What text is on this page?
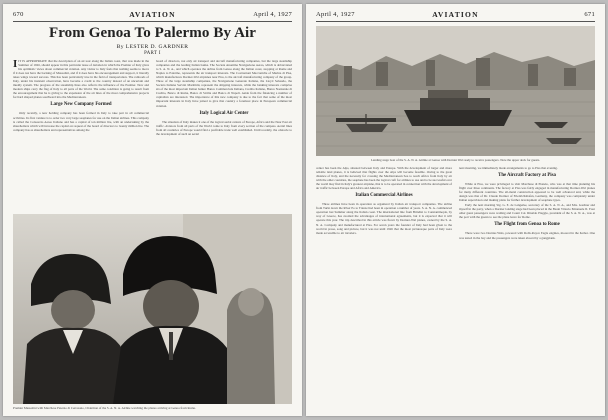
670	AVIATION	April 4, 1927
From Genoa To Palermo By Air
By LESTER D. GARDNER
PART I

IIT IS APPROPRIATE that the description of an air tour along the Italian coast, that was made in the Summer of 1926, should appear in this particular issue of Aviation in which the Premier of Italy gives his optimistic views about commercial aviation. Any visitor to Italy feels that nothing seems to move if it does not have the backing of Mussolini, and if it does have his encouragement and support, it literally takes wings toward success. This has been particularly true in the field of transportation. The railroads of Italy, under his insistent observation, have become a credit to the country instead of an uncertain and muddy system. The progress of the steamship lines also reflects the influence of the Premier. New and modern ships carry the flag of Italy to all parts of the World. The same condition is going to result from the encouragement that he is giving to the expansion of the air lines of the most comprehensive projects for hard shaped planes southward into the Mediterranean.

Large New Company Formed

Only recently, a new holding company has been formed in Italy to take part in all commercial activities. Its first venture is to order two very large seaplanes for use on the Italian airlines. This company is called the Consorzio Aereo Italiano and has a capital of ten million lire, with an undertaking by the shareholders which will increase the capital on request of the board of directors to twenty million lire. The company has as shareholders and representatives among the

board of directors, not only air transport and aircraft manufacturing companies, but the large steamship companies and the leading Italian banks. The Societa Anonima Navigazione Aerea, which is abbreviated to S. A. N. A., and which operates the airline from Genoa along the Italian coast, stopping at Rome and Naples to Palermo, represents the air transport interests. The Costruzioni Meccaniche of Marina di Pisa, which manufactures Dornier-Wal airplanes near Pisa, is the aircraft manufacturing company of the group. Three of the large steamship companies, the Navigazione Generale Italiana, the Lloyd Sabaudo, the Societa Italiana Servizi Marittimi, represent the shipping interests, while the banking interests comprise six of the most important Italian banks: Banco Commerciale Italiana, Credito Italiano, Banco Nazionale di Credito, Banco di Roma, Banco di Sicilia and Banco di Napoli. Aside from the financing a number of capitalists are interested. The importance of this new company is due to the fact that some of the most important interests in Italy have joined to give that country a foremost place in European commercial aviation.

Italy Logical Air Center

The situation of Italy makes it one of the logical aerial centers of Europe, Africa and the Near East air traffic. Aviators from all parts of the World come to Italy from every section of the compass. Aerial lines from all countries of Europe would find a profitable trade well established. Until recently, the obstacle to the development of such an aerial

Premier Mussolini with Marchese Paterno di Cerrasano, Chairman of the S. A. N. A. Airline watching the planes arriving at Genoa from Rome.
April 4, 1927	AVIATION	671
Landing stage boat of the S. A. N. A. Airline at Genoa with Dornier Wal ready to receive passengers. Note the upper deck for guests.

center has been the Alps, situated between Italy and Europe. With the development of larger and more reliable land planes, it is believed that flights over the Alps will become feasible. Owing to the great distance of Italy, and the necessity for crossing the Mediterranean Sea to reach Africa from Italy by air with the other countries, the seaplane has been the logical craft for airlines to use and to be successful over the world may find in Italy's greatest airplane, that is to be operated in connection with the development of air traffic between Europe and Africa and America.

Italian Commercial Airlines

Three airlines have been in operation as organized by Italian air transport companies. The airline from Turin down the River Po to Trieste had been in operation a number of years. S. A. N. A. commenced operation last Summer along the Italian coast. The international line from Brindisi to Constantinople, by way of Greece, has avoided the advantages of international agreements, but it is expected that it will operate this year. The trip described in this article was flown by Dornier-Wal planes, owned by the S. A. N. A. Company and manufactured at Pisa. For seven years the founder of Italy had been given to the world in prose, song and picture, but it was not until 1926 that the most picturesque parts of Italy were made accessible to air travelers.

next morning, we immediately made arrangements to go to Pisa that evening.

The Aircraft Factory at Pisa

While at Pisa, we were privileged to visit Marchese di Pisnelo, who was at that time planning his flight over three continents. The factory at Pisa was fairly engaged in manufacturing Dornier-Wal planes for many different countries. The all-metal construction appeared to be well advanced and, while the design was that of Dr. Claude Dornier of Friedrichshafen, Germany, the company was completely under Italian supervision and making plans for further development of seaplane types.

Early the next morning Sig. G. E. de Langerke, secretary of the S. A. N. A., and Mrs. Gardner and myself in the party, when a Dornier landing stage had been placed in the Basin Vittorio Emanuele II. Four other guest passengers were waiting and Count Col. Rinaldo Piaggio, president of the S. A. N. A., was at the port with the guests to see the plane leave for Rome.

The Flight from Genoa to Rome

There were two Dornier-Wals, powered with Rolls-Royce Eagle engines, moored in the harbor. One was tested in the bay and the passengers were taken aboard by a gangplank.
